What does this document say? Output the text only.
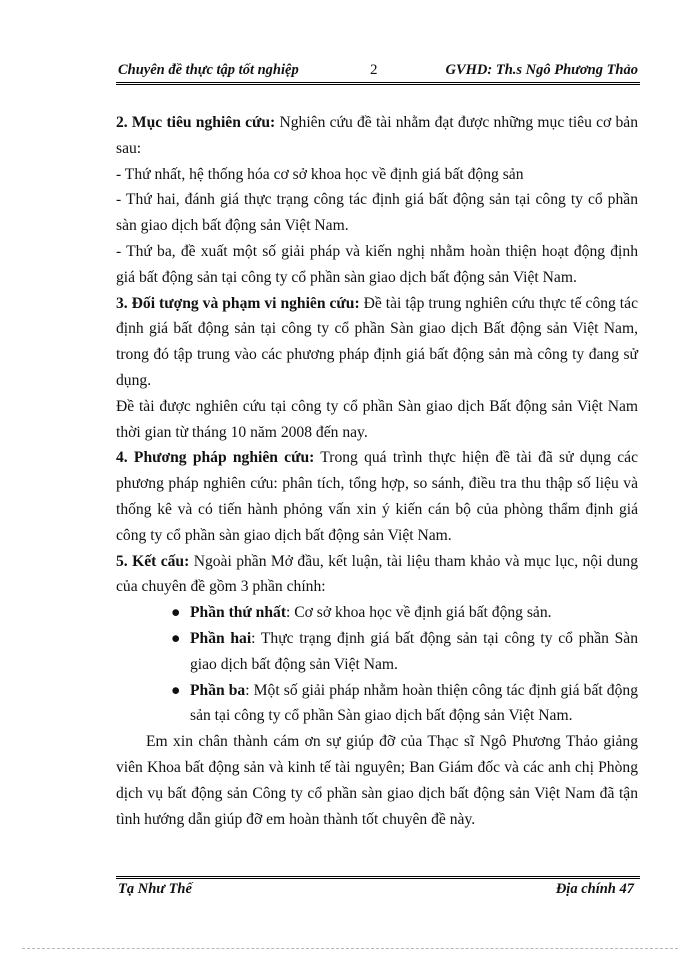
Chuyên đề thực tập tốt nghiệp	2	GVHD: Th.s Ngô Phương Thảo

2. Mục tiêu nghiên cứu: Nghiên cứu đề tài nhằm đạt được những mục tiêu cơ bản sau:

- Thứ nhất, hệ thống hóa cơ sở khoa học về định giá bất động sản

- Thứ hai, đánh giá thực trạng công tác định giá bất động sản tại công ty cổ phần sàn giao dịch bất động sản Việt Nam.

- Thứ ba, đề xuất một số giải pháp và kiến nghị nhằm hoàn thiện hoạt động định giá bất động sản tại công ty cổ phần sàn giao dịch bất động sản Việt Nam.

3. Đối tượng và phạm vi nghiên cứu: Đề tài tập trung nghiên cứu thực tế công tác định giá bất động sản tại công ty cổ phần Sàn giao dịch Bất động sản Việt Nam, trong đó tập trung vào các phương pháp định giá bất động sản mà công ty đang sử dụng.

Đề tài được nghiên cứu tại công ty cổ phần Sàn giao dịch Bất động sản Việt Nam thời gian từ tháng 10 năm 2008 đến nay.

4. Phương pháp nghiên cứu: Trong quá trình thực hiện đề tài đã sử dụng các phương pháp nghiên cứu: phân tích, tổng hợp, so sánh, điều tra thu thập số liệu và thống kê và có tiến hành phỏng vấn xin ý kiến cán bộ của phòng thẩm định giá công ty cổ phần sàn giao dịch bất động sản Việt Nam.

5. Kết cấu: Ngoài phần Mở đầu, kết luận, tài liệu tham khảo và mục lục, nội dung của chuyên đề gồm 3 phần chính:

● Phần thứ nhất: Cơ sở khoa học về định giá bất động sản.

● Phần hai: Thực trạng định giá bất động sản tại công ty cổ phần Sàn giao dịch bất động sản Việt Nam.

● Phần ba: Một số giải pháp nhằm hoàn thiện công tác định giá bất động sản tại công ty cổ phần Sàn giao dịch bất động sản Việt Nam.

Em xin chân thành cám ơn sự giúp đỡ của Thạc sĩ Ngô Phương Thảo giảng viên Khoa bất động sản và kinh tế tài nguyên; Ban Giám đốc và các anh chị Phòng dịch vụ bất động sản Công ty cổ phần sàn giao dịch bất động sản Việt Nam đã tận tình hướng dẫn giúp đỡ em hoàn thành tốt chuyên đề này.

Tạ Như Thế	Địa chính 47
